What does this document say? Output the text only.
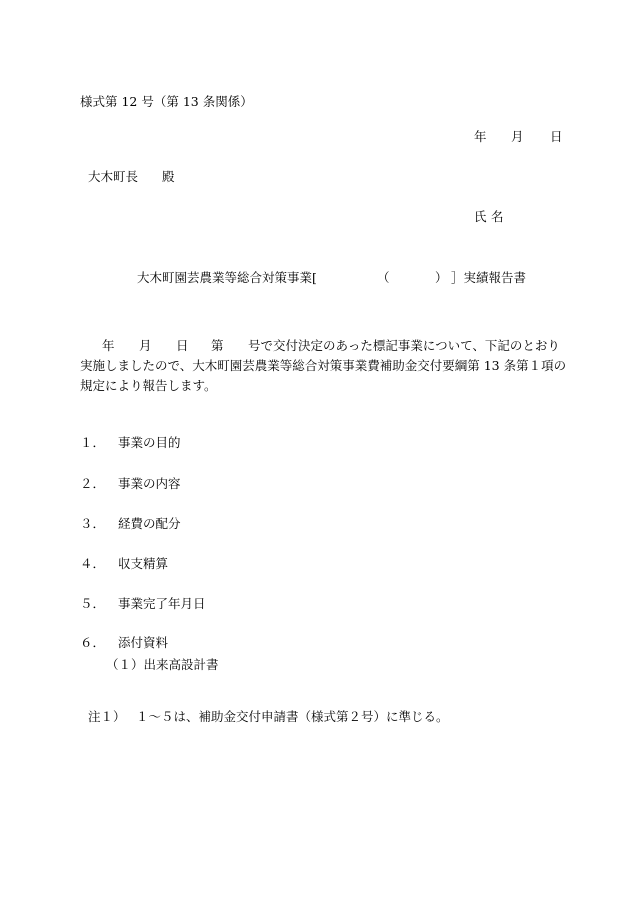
様式第 12 号（第 13 条関係）

年 月 日

大木町長 殿

氏 名

大木町園芸農業等総合対策事業[	（	） ］実績報告書

年 月 日 第 号で交付決定のあった標記事業について、下記のとおり
実施しましたので、大木町園芸農業等総合対策事業費補助金交付要綱第 13 条第１項の
規定により報告します。
１． 事業の目的
２． 事業の内容
３． 経費の配分
４． 収支精算
５． 事業完了年月日
６． 添付資料
（１）出来高設計書

注１） １～５は、補助金交付申請書（様式第２号）に準じる。
